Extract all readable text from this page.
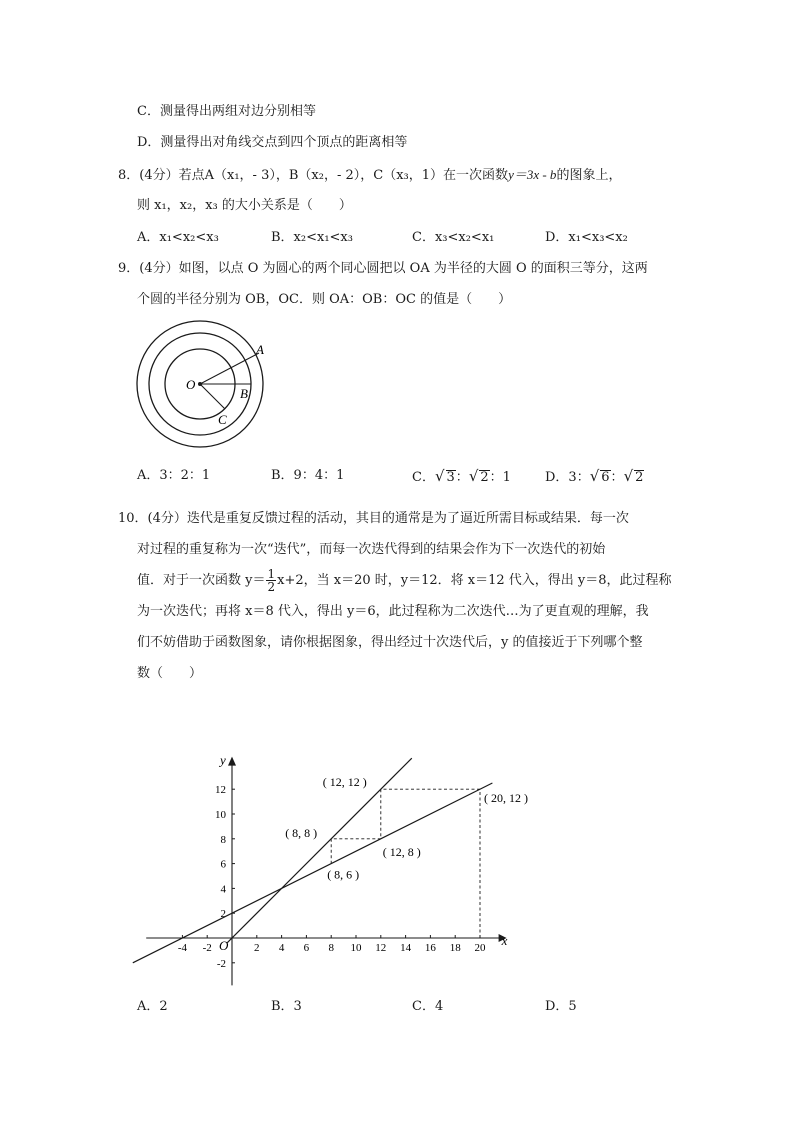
C．测量得出两组对边分别相等
D．测量得出对角线交点到四个顶点的距离相等
8．(4分）若点A（x₁，- 3），B（x₂，- 2），C（x₃，1）在一次函数y＝3x - b的图象上，
则 x₁，x₂，x₃ 的大小关系是（　　）
A．x₁<x₂<x₃	B．x₂<x₁<x₃	C．x₃<x₂<x₁	D．x₁<x₃<x₂
9．(4分）如图，以点 O 为圆心的两个同心圆把以 OA 为半径的大圆 O 的面积三等分，这两
个圆的半径分别为 OB，OC．则 OA：OB：OC 的值是（　　）
O
A
B
C
A．3：2：1	B．9：4：1	C．√ 3：√ 2：1	D．3：√ 6：√ 2
10．(4分）迭代是重复反馈过程的活动，其目的通常是为了逼近所需目标或结果．每一次
对过程的重复称为一次“迭代”，而每一次迭代得到的结果会作为下一次迭代的初始
值．对于一次函数 $y= \frac{1}{2} x+2$，当 x＝20 时，y＝12．将 x＝12 代入，得出 y＝8，此过程称
为一次迭代；再将 x＝8 代入，得出 y＝6，此过程称为二次迭代…为了更直观的理解，我
们不妨借助于函数图象，请你根据图象，得出经过十次迭代后，y 的值接近于下列哪个整
数（　　）
x
y
O
-4 -2	2 4 6 8 10 12 14 16 18 20
-2
2
4
6
8
10
12
( 12, 12 )
( 20, 12 )
( 8, 8 )
( 12, 8 )
( 8, 6 )
A．2	B．3	C．4	D．5
